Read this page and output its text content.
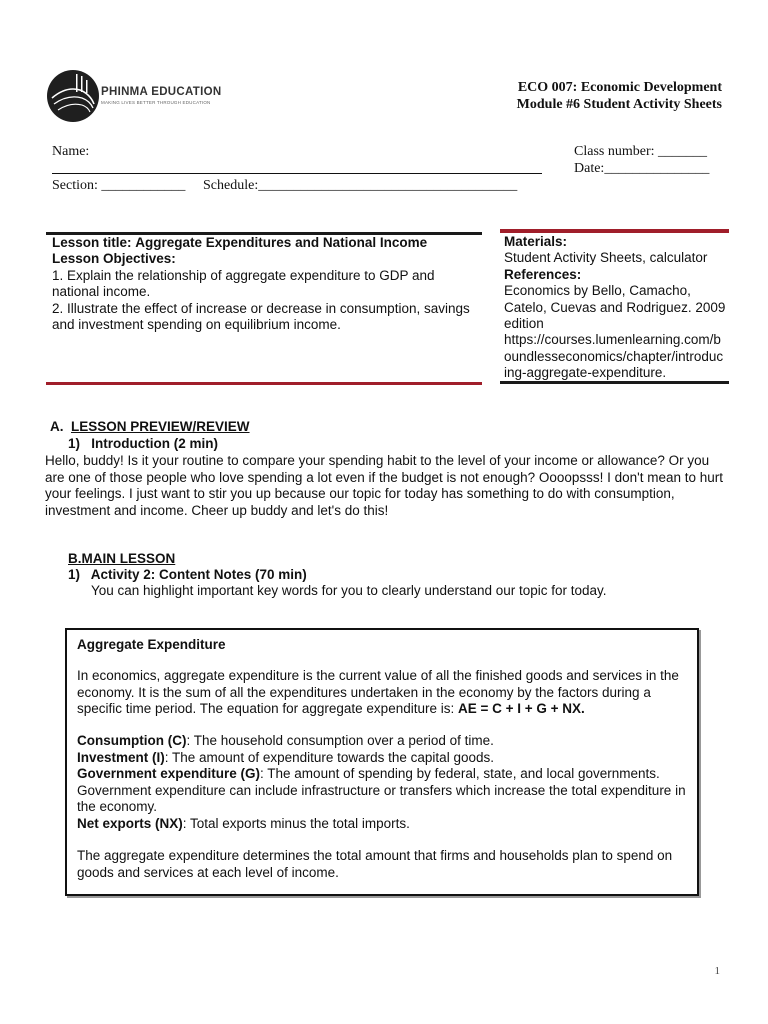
PHINMA EDUCATION
MAKING LIVES BETTER THROUGH EDUCATION
ECO 007: Economic Development
Module #6 Student Activity Sheets
Name:	Class number: _______
Date:_______________
Section: ____________ Schedule:_____________________________________
Lesson title: Aggregate Expenditures and National Income
Lesson Objectives:
1. Explain the relationship of aggregate expenditure to GDP and national income.
2. Illustrate the effect of increase or decrease in consumption, savings and investment spending on equilibrium income.
Materials:
Student Activity Sheets, calculator
References:
Economics by Bello, Camacho, Catelo, Cuevas and Rodriguez. 2009 edition
https://courses.lumenlearning.com/boundlesseconomics/chapter/introducing-aggregate-expenditure.
A. LESSON PREVIEW/REVIEW
1)   Introduction (2 min)
Hello, buddy! Is it your routine to compare your spending habit to the level of your income or allowance? Or you are one of those people who love spending a lot even if the budget is not enough? Oooopsss! I don't mean to hurt your feelings. I just want to stir you up because our topic for today has something to do with consumption, investment and income. Cheer up buddy and let's do this!
B.MAIN LESSON
1)   Activity 2: Content Notes (70 min)
You can highlight important key words for you to clearly understand our topic for today.
Aggregate Expenditure
In economics, aggregate expenditure is the current value of all the finished goods and services in the economy. It is the sum of all the expenditures undertaken in the economy by the factors during a specific time period. The equation for aggregate expenditure is: AE = C + I + G + NX.
Consumption (C): The household consumption over a period of time.
Investment (I): The amount of expenditure towards the capital goods.
Government expenditure (G): The amount of spending by federal, state, and local governments. Government expenditure can include infrastructure or transfers which increase the total expenditure in the economy.
Net exports (NX): Total exports minus the total imports.
The aggregate expenditure determines the total amount that firms and households plan to spend on goods and services at each level of income.
1
